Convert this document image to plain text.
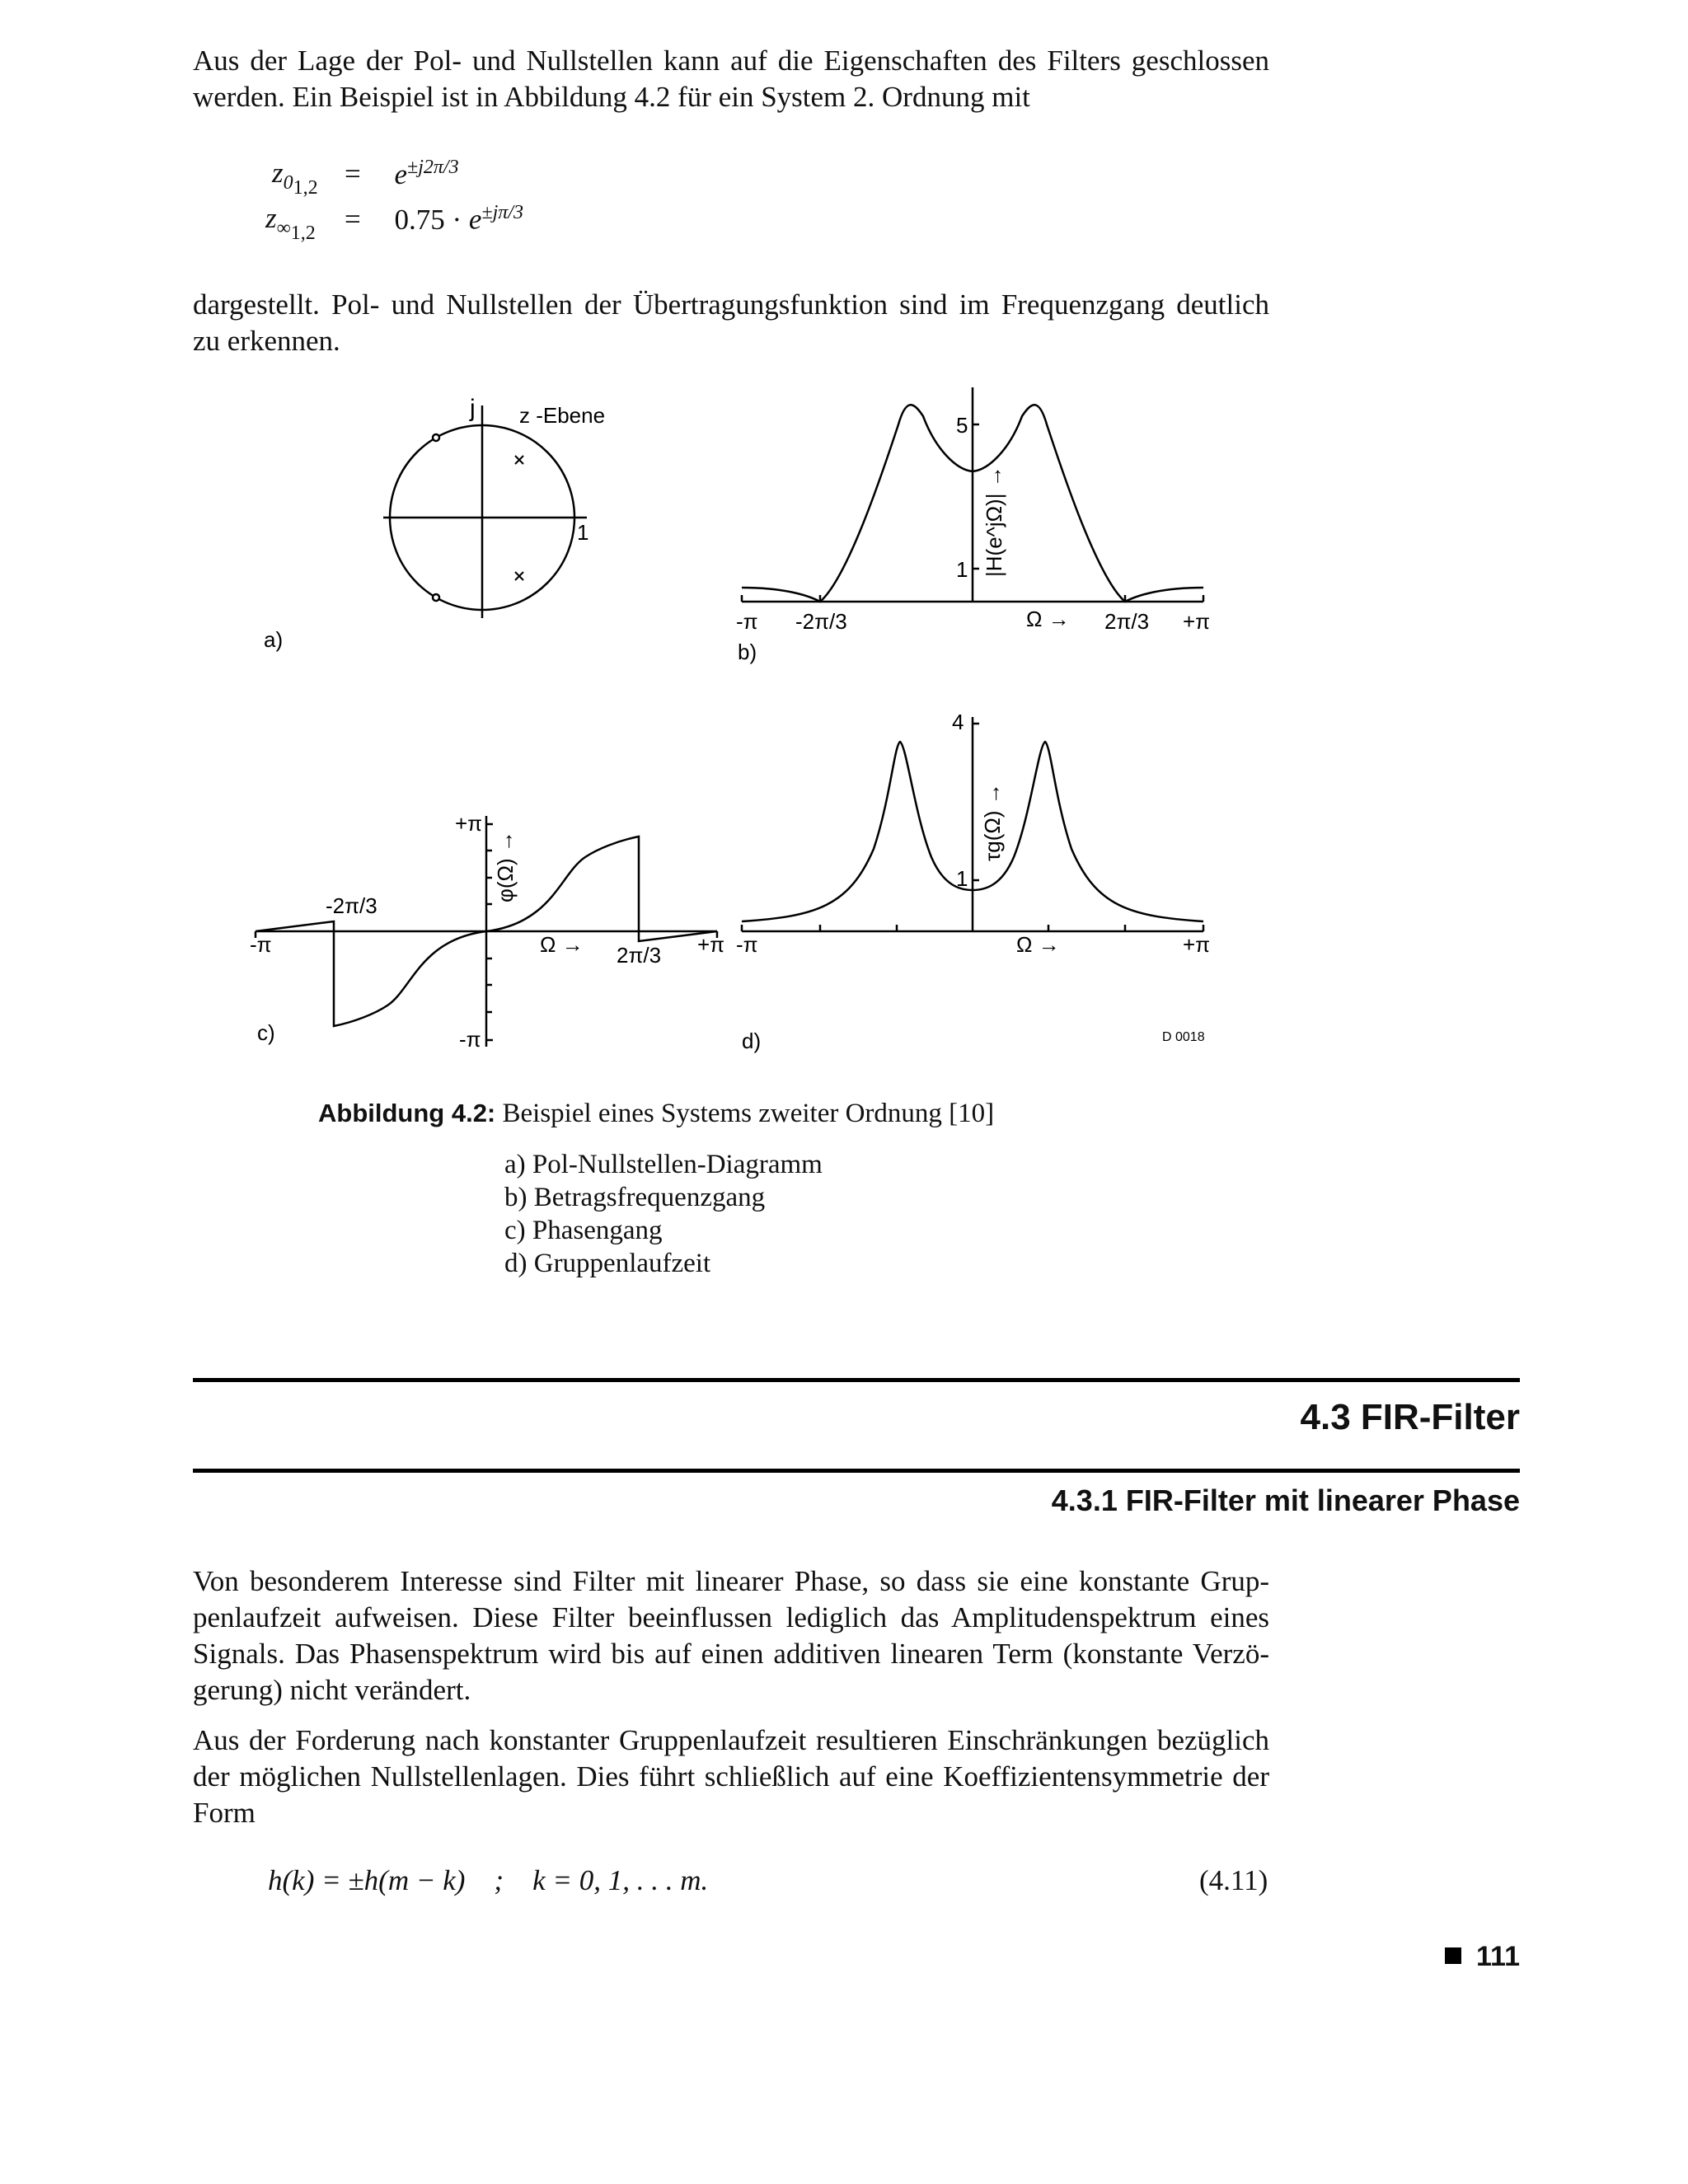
Aus der Lage der Pol- und Nullstellen kann auf die Eigenschaften des Filters geschlossen
werden. Ein Beispiel ist in Abbildung 4.2 für ein System 2. Ordnung mit
$z_{0_{1,2}} = e^{\pm j2\pi/3}$
$z_{\infty_{1,2}} = 0.75 \cdot e^{\pm j\pi/3}$
dargestellt. Pol- und Nullstellen der Übertragungsfunktion sind im Frequenzgang deutlich
zu erkennen.
a)
z -Ebene
j
1
b)
5
1
-π -2π/3	Ω → 2π/3 +π
|H(e^jΩ)| →
c)
+π
-π
-π
-2π/3
Ω → 2π/3 +π
φ(Ω) →
d)
4
1
-π	Ω →	+π
τg(Ω) →
D 0018
Abbildung 4.2: Beispiel eines Systems zweiter Ordnung [10]
a) Pol-Nullstellen-Diagramm
b) Betragsfrequenzgang
c) Phasengang
d) Gruppenlaufzeit
4.3 FIR-Filter
4.3.1 FIR-Filter mit linearer Phase
Von besonderem Interesse sind Filter mit linearer Phase, so dass sie eine konstante Grup-
penlaufzeit aufweisen. Diese Filter beeinflussen lediglich das Amplitudenspektrum eines
Signals. Das Phasenspektrum wird bis auf einen additiven linearen Term (konstante Verzö-
gerung) nicht verändert.
Aus der Forderung nach konstanter Gruppenlaufzeit resultieren Einschränkungen bezüglich
der möglichen Nullstellenlagen. Dies führt schließlich auf eine Koeffizientensymmetrie der
Form
h(k) = ±h(m − k)    ;    k = 0, 1, . . . m.	(4.11)
111
